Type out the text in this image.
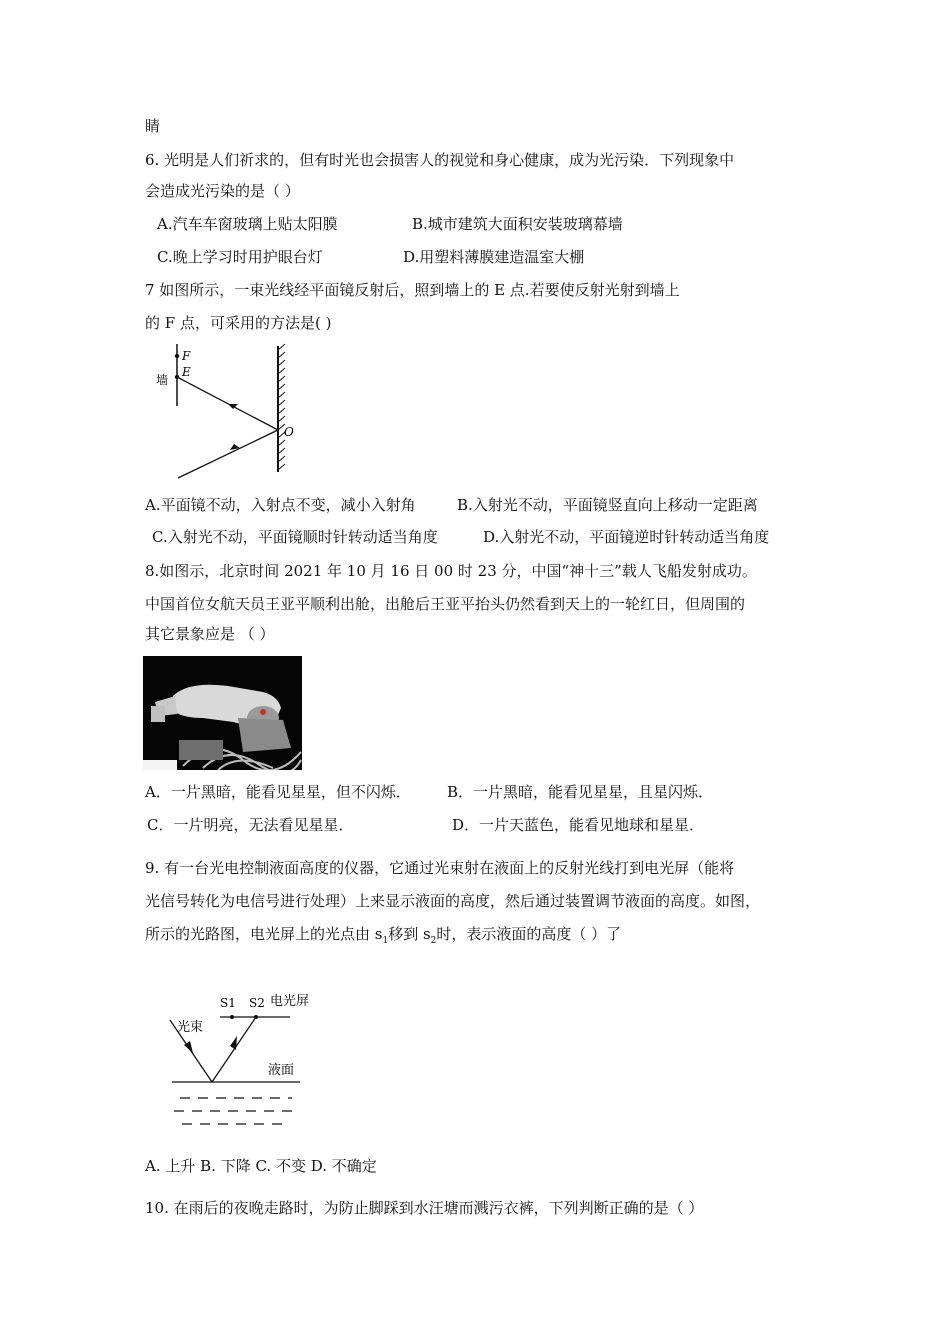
睛
6. 光明是人们祈求的，但有时光也会损害人的视觉和身心健康，成为光污染．下列现象中
会造成光污染的是（ ）
A.汽车车窗玻璃上贴太阳膜	B.城市建筑大面积安装玻璃幕墙
C.晚上学习时用护眼台灯	D.用塑料薄膜建造温室大棚
7 如图所示，一束光线经平面镜反射后，照到墙上的 E 点.若要使反射光射到墙上
的 F 点，可采用的方法是( )
F
E
墙
O
A.平面镜不动，入射点不变，减小入射角	B.入射光不动，平面镜竖直向上移动一定距离
C.入射光不动，平面镜顺时针转动适当角度	D.入射光不动，平面镜逆时针转动适当角度
8.如图示，北京时间 2021 年 10 月 16 日 00 时 23 分，中国“神十三”载人飞船发射成功。
中国首位女航天员王亚平顺利出舱，出舱后王亚平抬头仍然看到天上的一轮红日，但周围的
其它景象应是 （ ）
A．一片黑暗，能看见星星，但不闪烁． B．一片黑暗，能看见星星，且星闪烁．
C．一片明亮，无法看见星星．	D．一片天蓝色，能看见地球和星星．
9. 有一台光电控制液面高度的仪器，它通过光束射在液面上的反射光线打到电光屏（能将
光信号转化为电信号进行处理）上来显示液面的高度，然后通过装置调节液面的高度。如图，
所示的光路图，电光屏上的光点由 $s_1$移到 $s_2$时，表示液面的高度（ ）了
S1 S2 电光屏
光束
液面
A. 上升 B. 下降 C. 不变 D. 不确定
10. 在雨后的夜晚走路时，为防止脚踩到水汪塘而溅污衣裤，下列判断正确的是（ ）
